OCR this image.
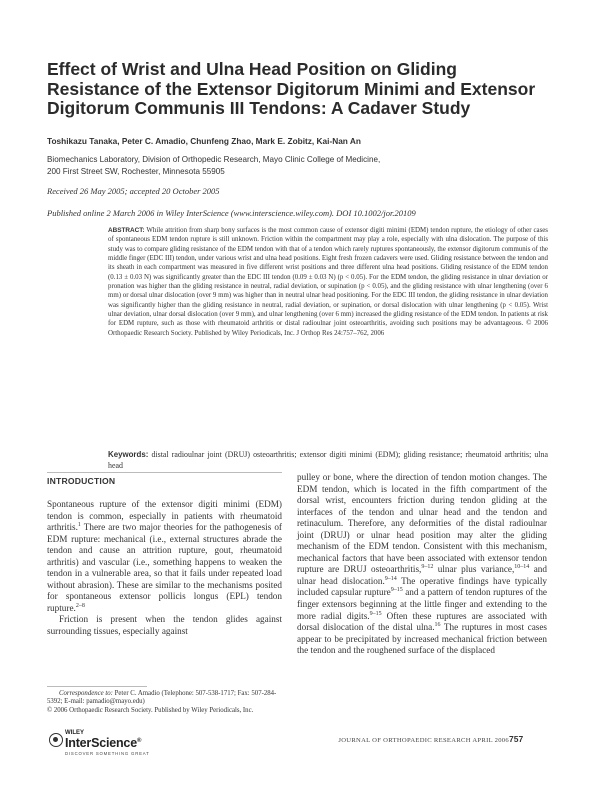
Effect of Wrist and Ulna Head Position on Gliding Resistance of the Extensor Digitorum Minimi and Extensor Digitorum Communis III Tendons: A Cadaver Study
Toshikazu Tanaka, Peter C. Amadio, Chunfeng Zhao, Mark E. Zobitz, Kai-Nan An
Biomechanics Laboratory, Division of Orthopedic Research, Mayo Clinic College of Medicine,
200 First Street SW, Rochester, Minnesota 55905
Received 26 May 2005; accepted 20 October 2005
Published online 2 March 2006 in Wiley InterScience (www.interscience.wiley.com). DOI 10.1002/jor.20109
ABSTRACT: While attrition from sharp bony surfaces is the most common cause of extensor digiti minimi (EDM) tendon rupture, the etiology of other cases of spontaneous EDM tendon rupture is still unknown. Friction within the compartment may play a role, especially with ulna dislocation. The purpose of this study was to compare gliding resistance of the EDM tendon with that of a tendon which rarely ruptures spontaneously, the extensor digitorum communis of the middle finger (EDC III) tendon, under various wrist and ulna head positions. Eight fresh frozen cadavers were used. Gliding resistance between the tendon and its sheath in each compartment was measured in five different wrist positions and three different ulna head positions. Gliding resistance of the EDM tendon (0.13 ± 0.03 N) was significantly greater than the EDC III tendon (0.09 ± 0.03 N) (p < 0.05). For the EDM tendon, the gliding resistance in ulnar deviation or pronation was higher than the gliding resistance in neutral, radial deviation, or supination (p < 0.05), and the gliding resistance with ulnar lengthening (over 6 mm) or dorsal ulnar dislocation (over 9 mm) was higher than in neutral ulnar head positioning. For the EDC III tendon, the gliding resistance in ulnar deviation was significantly higher than the gliding resistance in neutral, radial deviation, or supination, or dorsal dislocation with ulnar lengthening (p < 0.05). Wrist ulnar deviation, ulnar dorsal dislocation (over 9 mm), and ulnar lengthening (over 6 mm) increased the gliding resistance of the EDM tendon. In patients at risk for EDM rupture, such as those with rheumatoid arthritis or distal radioulnar joint osteoarthritis, avoiding such positions may be advantageous. © 2006 Orthopaedic Research Society. Published by Wiley Periodicals, Inc. J Orthop Res 24:757–762, 2006
Keywords: distal radioulnar joint (DRUJ) osteoarthritis; extensor digiti minimi (EDM); gliding resistance; rheumatoid arthritis; ulna head
INTRODUCTION

Spontaneous rupture of the extensor digiti minimi (EDM) tendon is common, especially in patients with rheumatoid arthritis.$^1$ There are two major theories for the pathogenesis of EDM rupture: mechanical (i.e., external structures abrade the tendon and cause an attrition rupture, gout, rheumatoid arthritis) and vascular (i.e., something happens to weaken the tendon in a vulnerable area, so that it fails under repeated load without abrasion). These are similar to the mechanisms posited for spontaneous extensor pollicis longus (EPL) tendon rupture.$^{2-8}$

Friction is present when the tendon glides against surrounding tissues, especially against

pulley or bone, where the direction of tendon motion changes. The EDM tendon, which is located in the fifth compartment of the dorsal wrist, encounters friction during tendon gliding at the interfaces of the tendon and ulnar head and the tendon and retinaculum. Therefore, any deformities of the distal radioulnar joint (DRUJ) or ulnar head position may alter the gliding mechanism of the EDM tendon. Consistent with this mechanism, mechanical factors that have been associated with extensor tendon rupture are DRUJ osteoarthritis,$^{9-12}$ ulnar plus variance,$^{10-14}$ and ulnar head dislocation.$^{9-14}$ The operative findings have typically included capsular rupture$^{9-15}$ and a pattern of tendon ruptures of the finger extensors beginning at the little finger and extending to the more radial digits.$^{9-15}$ Often these ruptures are associated with dorsal dislocation of the distal ulna.$^{16}$ The ruptures in most cases appear to be precipitated by increased mechanical friction between the tendon and the roughened surface of the displaced

Correspondence to: Peter C. Amadio (Telephone: 507-538-1717; Fax: 507-284-5392; E-mail: pamadio@mayo.edu)
© 2006 Orthopaedic Research Society. Published by Wiley Periodicals, Inc.
WILEY
InterScience®
DISCOVER SOMETHING GREAT
JOURNAL OF ORTHOPAEDIC RESEARCH APRIL 2006 757
